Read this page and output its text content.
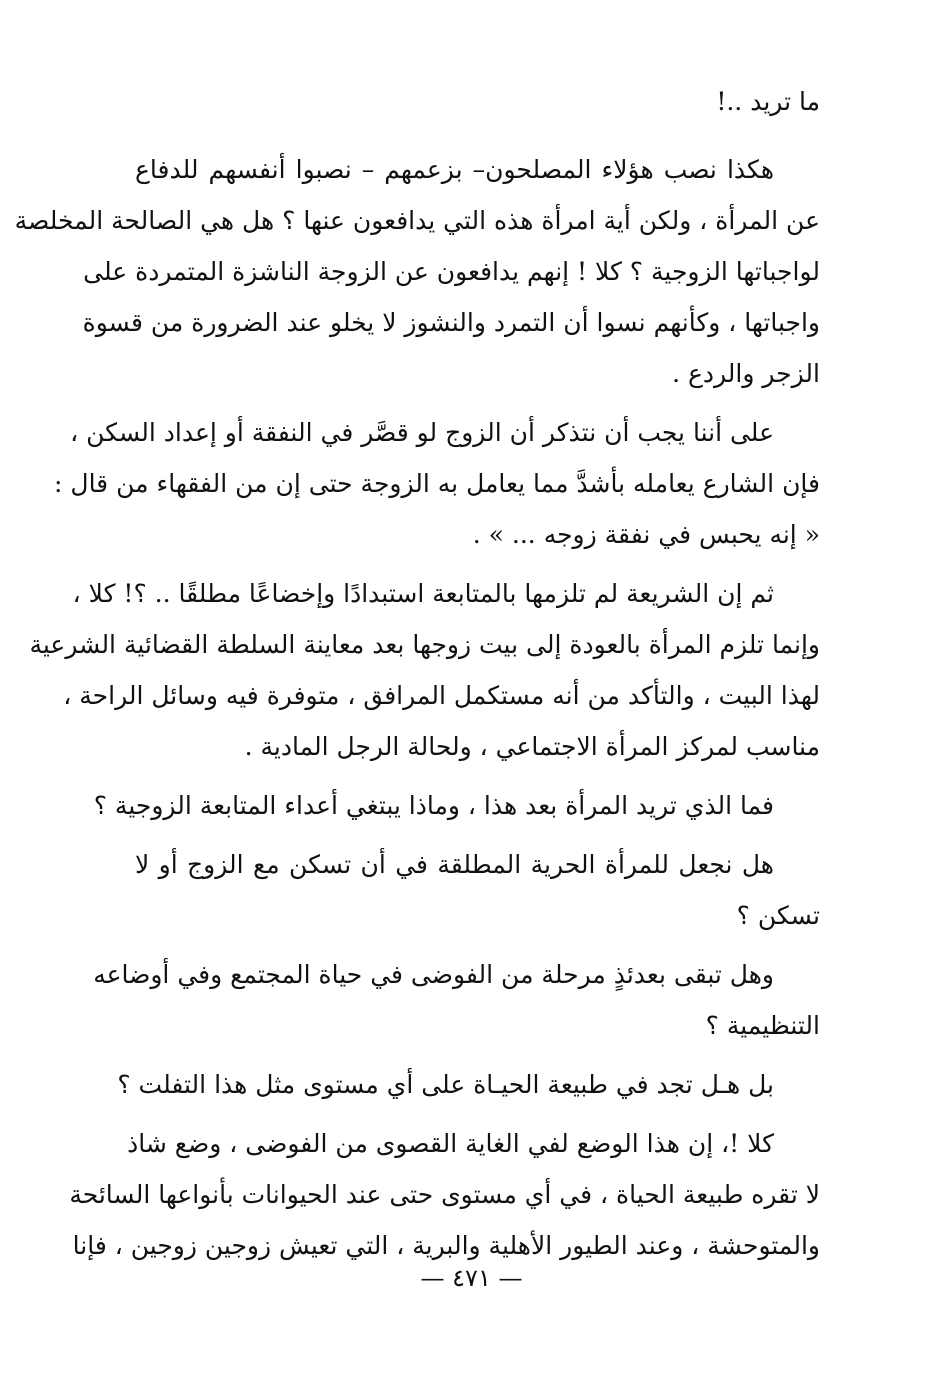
ما تريد ..!
هكذا نصب هؤلاء المصلحون– بزعمهم – نصبوا أنفسهم للدفاع
عن المرأة ، ولكن أية امرأة هذه التي يدافعون عنها ؟ هل هي الصالحة المخلصة
لواجباتها الزوجية ؟ كلا ! إنهم يدافعون عن الزوجة الناشزة المتمردة على
واجباتها ، وكأنهم نسوا أن التمرد والنشوز لا يخلو عند الضرورة من قسوة
الزجر والردع .
على أننا يجب أن نتذكر أن الزوج لو قصَّر في النفقة أو إعداد السكن ،
فإن الشارع يعامله بأشدَّ مما يعامل به الزوجة حتى إن من الفقهاء من قال :
« إنه يحبس في نفقة زوجه ... » .
ثم إن الشريعة لم تلزمها بالمتابعة استبدادًا وإخضاعًا مطلقًا .. ؟! كلا ،
وإنما تلزم المرأة بالعودة إلى بيت زوجها بعد معاينة السلطة القضائية الشرعية
لهذا البيت ، والتأكد من أنه مستكمل المرافق ، متوفرة فيه وسائل الراحة ،
مناسب لمركز المرأة الاجتماعي ، ولحالة الرجل المادية .
فما الذي تريد المرأة بعد هذا ، وماذا يبتغي أعداء المتابعة الزوجية ؟
هل نجعل للمرأة الحرية المطلقة في أن تسكن مع الزوج أو لا
تسكن ؟
وهل تبقى بعدئذٍ مرحلة من الفوضى في حياة المجتمع وفي أوضاعه
التنظيمية ؟
بل هـل تجد في طبيعة الحيـاة على أي مستوى مثل هذا التفلت ؟
كلا !، إن هذا الوضع لفي الغاية القصوى من الفوضى ، وضع شاذ
لا تقره طبيعة الحياة ، في أي مستوى حتى عند الحيوانات بأنواعها السائحة
والمتوحشة ، وعند الطيور الأهلية والبرية ، التي تعيش زوجين زوجين ، فإنا
— ٤٧١ —
